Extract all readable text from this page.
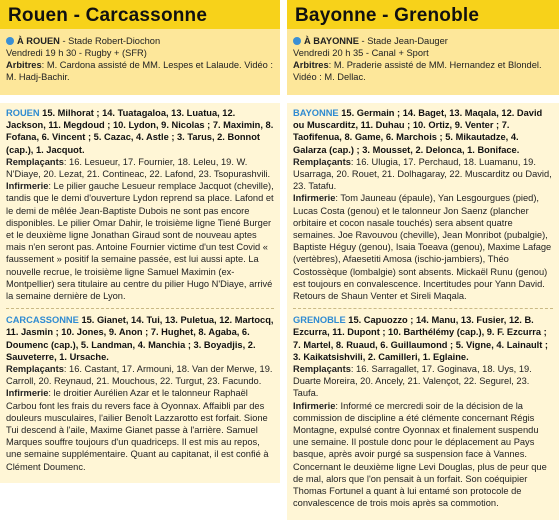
Rouen - Carcassonne
À ROUEN - Stade Robert-Diochon
Vendredi 19 h 30 - Rugby + (SFR)
Arbitres: M. Cardona assisté de MM. Lespes et Lalaude. Vidéo : M. Hadj-Bachir.
ROUEN 15. Milhorat ; 14. Tuatagaloa, 13. Luatua, 12. Jackson, 11. Megdoud ; 10. Lydon, 9. Nicolas ; 7. Maximin, 8. Fofana, 6. Vincent ; 5. Cazac, 4. Astle ; 3. Tarus, 2. Bonnot (cap.), 1. Jacquot.
Remplaçants: 16. Lesueur, 17. Fournier, 18. Leleu, 19. W. N'Diaye, 20. Lezat, 21. Contineac, 22. Lafond, 23. Tsopurashvili.
Infirmerie: Le pilier gauche Lesueur remplace Jacquot (cheville), tandis que le demi d'ouverture Lydon reprend sa place. Lafond et le demi de mêlée Jean-Baptiste Dubois ne sont pas encore disponibles. Le pilier Omar Dahir, le troisième ligne Tiené Burger et le deuxième ligne Jonathan Giraud sont de nouveau aptes mais n'en seront pas. Antoine Fournier victime d'un test Covid « faussement » positif la semaine passée, est lui aussi apte. La nouvelle recrue, le troisième ligne Samuel Maximin (ex-Montpellier) sera titulaire au centre du pilier Hugo N'Diaye, arrivé la semaine dernière de Lyon.
CARCASSONNE 15. Gianet, 14. Tui, 13. Puletua, 12. Martocq, 11. Jasmin ; 10. Jones, 9. Anon ; 7. Hughet, 8. Agaba, 6. Doumenc (cap.), 5. Landman, 4. Manchia ; 3. Boyadjis, 2. Sauveterre, 1. Ursache.
Remplaçants: 16. Castant, 17. Armouni, 18. Van der Merwe, 19. Carroll, 20. Reynaud, 21. Mouchous, 22. Turgut, 23. Facundo.
Infirmerie: le droitier Aurélien Azar et le talonneur Raphaël Carbou font les frais du revers face à Oyonnax. Affaibli par des douleurs musculaires, l'ailier Benoît Lazzarotto est forfait. Sione Tui descend à l'aile, Maxime Gianet passe à l'arrière. Samuel Marques souffre toujours d'un quadriceps. Il est mis au repos, une semaine supplémentaire. Quant au capitanat, il est confié à Clément Doumenc.
Bayonne - Grenoble
À BAYONNE - Stade Jean-Dauger
Vendredi 20 h 35 - Canal + Sport
Arbitres: M. Praderie assisté de MM. Hernandez et Blondel. Vidéo : M. Dellac.
BAYONNE 15. Germain ; 14. Baget, 13. Maqala, 12. David ou Muscarditz, 11. Duhau ; 10. Ortiz, 9. Venter ; 7. Taofifenua, 8. Game, 6. Marchois ; 5. Mikautadze, 4. Galarza (cap.) ; 3. Mousset, 2. Delonca, 1. Boniface.
Remplaçants: 16. Ulugia, 17. Perchaud, 18. Luamanu, 19. Usarraga, 20. Rouet, 21. Dolhagaray, 22. Muscarditz ou David, 23. Tatafu.
Infirmerie: Tom Jauneau (épaule), Yan Lesgourgues (pied), Lucas Costa (genou) et le talonneur Jon Saenz (plancher orbitaire et cocon nasale touchés) sera absent quatre semaines. Joe Ravouvou (cheville), Jean Monribot (pubalgie), Baptiste Héguy (genou), Isaia Toeava (genou), Maxime Lafage (vertèbres), Afaesetiti Amosa (ischio-jambiers), Théo Costossèque (lombalgie) sont absents. Mickaël Runu (genou) est toujours en convalescence. Incertitudes pour Yann David. Retours de Shaun Venter et Sireli Maqala.
GRENOBLE 15. Capuozzo ; 14. Manu, 13. Fusier, 12. B. Ezcurra, 11. Dupont ; 10. Barthélémy (cap.), 9. F. Ezcurra ; 7. Martel, 8. Ruaud, 6. Guillaumond ; 5. Vigne, 4. Lainault ; 3. Kaikatsishvili, 2. Camilleri, 1. Eglaine.
Remplaçants: 16. Sarragallet, 17. Goginava, 18. Uys, 19. Duarte Moreira, 20. Ancely, 21. Valençot, 22. Segurel, 23. Taufa.
Infirmerie: Informé ce mercredi soir de la décision de la commission de discipline a été clémente concernant Régis Montagne, expulsé contre Oyonnax et finalement suspendu une semaine. Il postule donc pour le déplacement au Pays basque, après avoir purgé sa suspension face à Vannes. Concernant le deuxième ligne Levi Douglas, plus de peur que de mal, alors que l'on pensait à un forfait. Son coéquipier Thomas Fortunel a quant à lui entamé son protocole de convalescence de trois mois après sa commotion.
